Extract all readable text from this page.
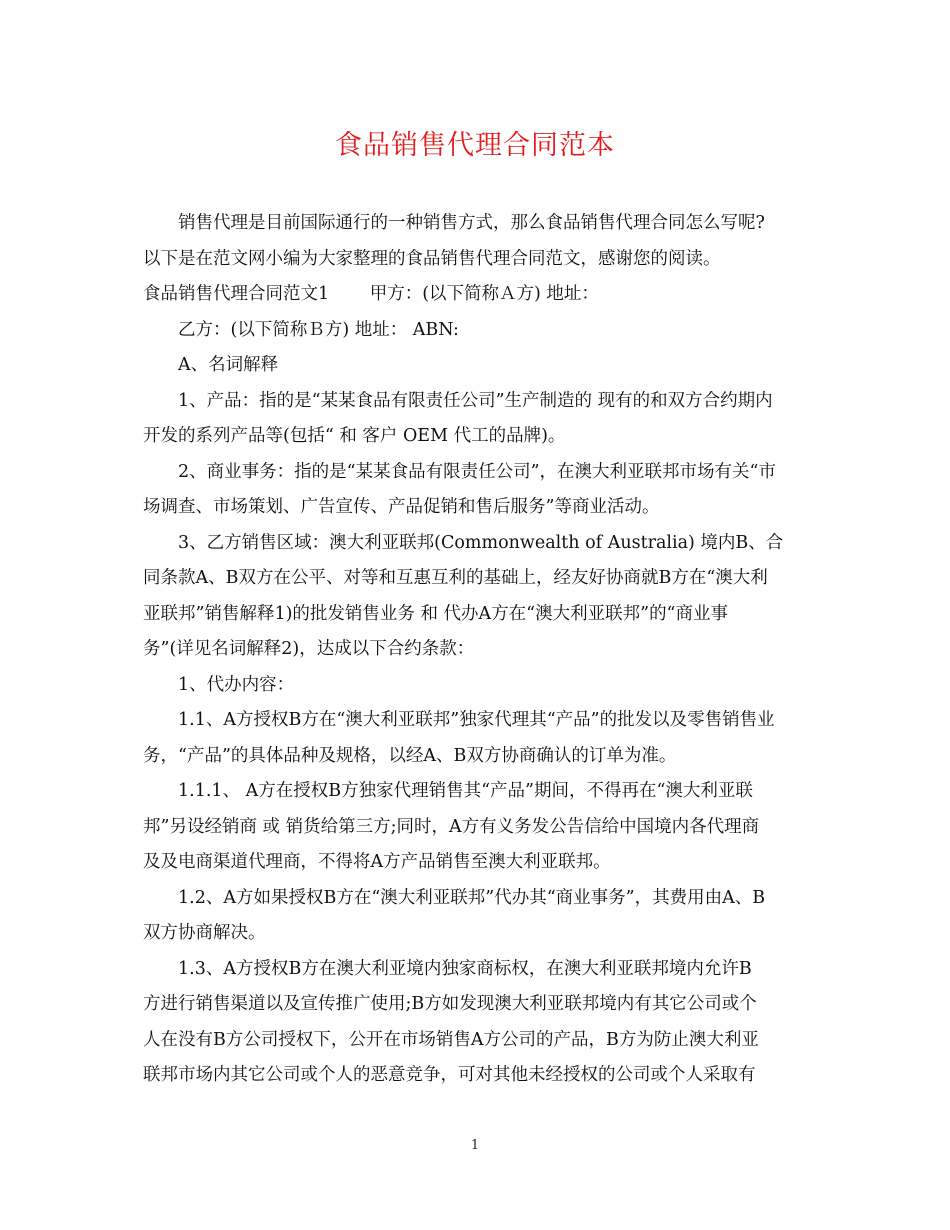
食品销售代理合同范本
销售代理是目前国际通行的一种销售方式，那么食品销售代理合同怎么写呢?
以下是在范文网小编为大家整理的食品销售代理合同范文，感谢您的阅读。
食品销售代理合同范文1　　 甲方：(以下简称Ａ方) 地址：
乙方：(以下简称Ｂ方) 地址： ABN:
A、名词解释
1、产品：指的是“某某食品有限责任公司”生产制造的 现有的和双方合约期内
开发的系列产品等(包括“ 和 客户 OEM 代工的品牌)。
2、商业事务：指的是“某某食品有限责任公司”，在澳大利亚联邦市场有关“市
场调查、市场策划、广告宣传、产品促销和售后服务”等商业活动。
3、乙方销售区域：澳大利亚联邦(Commonwealth of Australia) 境内B、合
同条款A、B双方在公平、对等和互惠互利的基础上，经友好协商就B方在“澳大利
亚联邦”销售解释1)的批发销售业务 和 代办A方在“澳大利亚联邦”的“商业事
务”(详见名词解释2)，达成以下合约条款：
1、代办内容：
1.1、A方授权B方在“澳大利亚联邦”独家代理其“产品”的批发以及零售销售业
务，“产品”的具体品种及规格，以经A、B双方协商确认的订单为准。
1.1.1、 A方在授权B方独家代理销售其“产品”期间，不得再在“澳大利亚联
邦”另设经销商 或 销货给第三方;同时，A方有义务发公告信给中国境内各代理商
及及电商渠道代理商，不得将A方产品销售至澳大利亚联邦。
1.2、A方如果授权B方在“澳大利亚联邦”代办其“商业事务”，其费用由A、B
双方协商解决。
1.3、A方授权B方在澳大利亚境内独家商标权，在澳大利亚联邦境内允许B
方进行销售渠道以及宣传推广使用;B方如发现澳大利亚联邦境内有其它公司或个
人在没有B方公司授权下，公开在市场销售A方公司的产品，B方为防止澳大利亚
联邦市场内其它公司或个人的恶意竞争，可对其他未经授权的公司或个人采取有
1
